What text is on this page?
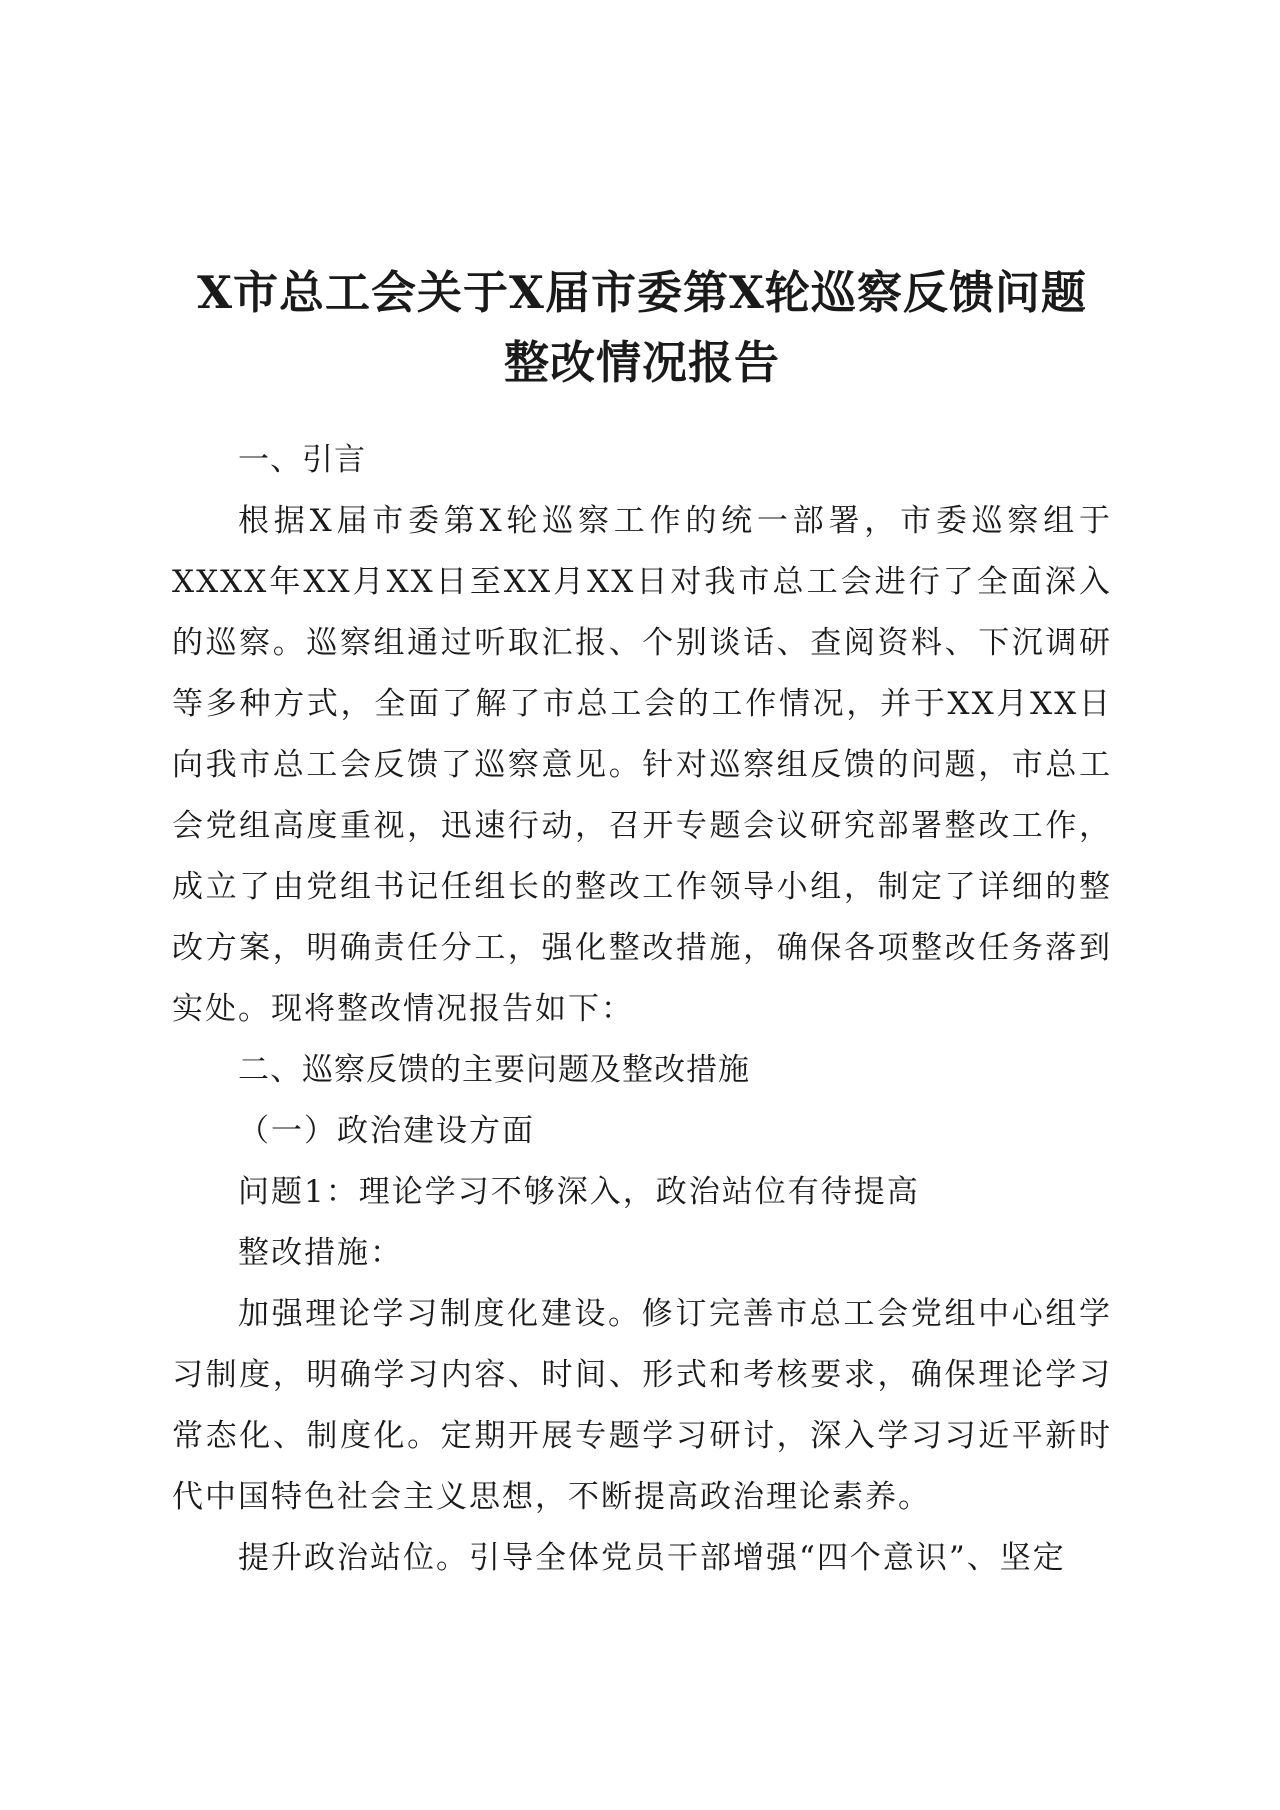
X市总工会关于X届市委第X轮巡察反馈问题
整改情况报告
一、引言

根据X届市委第X轮巡察工作的统一部署，市委巡察组于XXXX年XX月XX日至XX月XX日对我市总工会进行了全面深入的巡察。巡察组通过听取汇报、个别谈话、查阅资料、下沉调研等多种方式，全面了解了市总工会的工作情况，并于XX月XX日向我市总工会反馈了巡察意见。针对巡察组反馈的问题，市总工会党组高度重视，迅速行动，召开专题会议研究部署整改工作，成立了由党组书记任组长的整改工作领导小组，制定了详细的整改方案，明确责任分工，强化整改措施，确保各项整改任务落到实处。现将整改情况报告如下：

二、巡察反馈的主要问题及整改措施
（一）政治建设方面

问题1：理论学习不够深入，政治站位有待提高

整改措施：

加强理论学习制度化建设。修订完善市总工会党组中心组学习制度，明确学习内容、时间、形式和考核要求，确保理论学习常态化、制度化。定期开展专题学习研讨，深入学习习近平新时代中国特色社会主义思想，不断提高政治理论素养。

提升政治站位。引导全体党员干部增强“四个意识”、坚定
